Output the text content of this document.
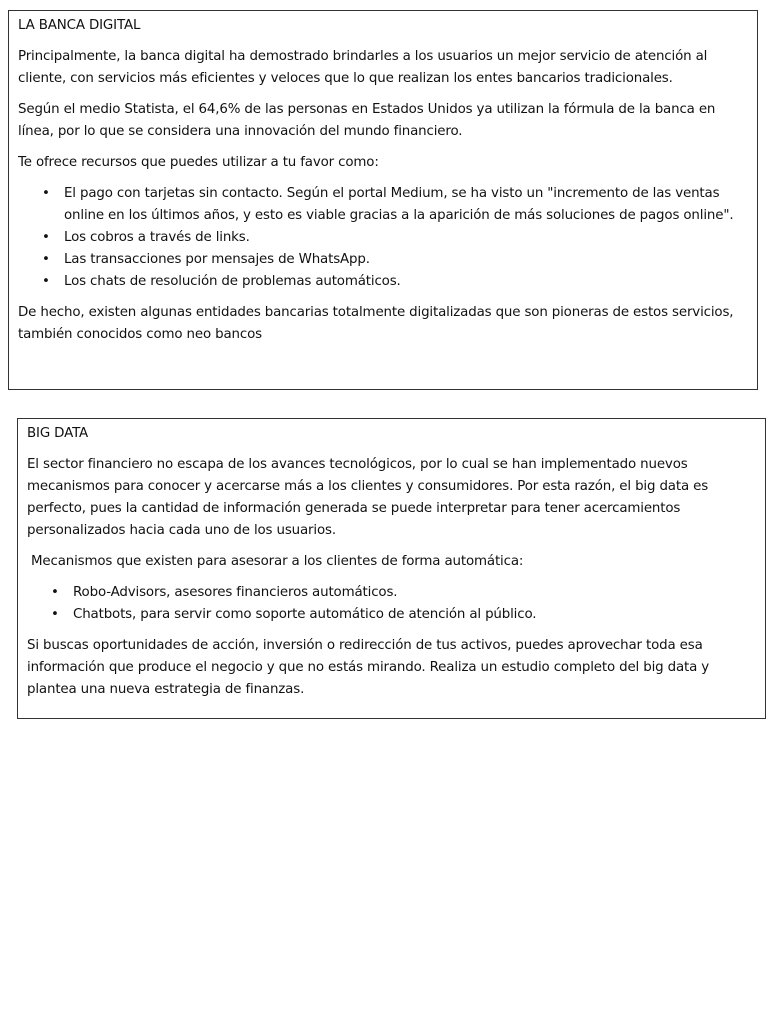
LA BANCA DIGITAL

Principalmente, la banca digital ha demostrado brindarles a los usuarios un mejor servicio de atención al cliente, con servicios más eficientes y veloces que lo que realizan los entes bancarios tradicionales.

Según el medio Statista, el 64,6% de las personas en Estados Unidos ya utilizan la fórmula de la banca en línea, por lo que se considera una innovación del mundo financiero.

Te ofrece recursos que puedes utilizar a tu favor como:

• El pago con tarjetas sin contacto. Según el portal Medium, se ha visto un "incremento de las ventas online en los últimos años, y esto es viable gracias a la aparición de más soluciones de pagos online".
• Los cobros a través de links.
• Las transacciones por mensajes de WhatsApp.
• Los chats de resolución de problemas automáticos.

De hecho, existen algunas entidades bancarias totalmente digitalizadas que son pioneras de estos servicios, también conocidos como neo bancos

BIG DATA

El sector financiero no escapa de los avances tecnológicos, por lo cual se han implementado nuevos mecanismos para conocer y acercarse más a los clientes y consumidores. Por esta razón, el big data es perfecto, pues la cantidad de información generada se puede interpretar para tener acercamientos personalizados hacia cada uno de los usuarios.

Mecanismos que existen para asesorar a los clientes de forma automática:

• Robo-Advisors, asesores financieros automáticos.
• Chatbots, para servir como soporte automático de atención al público.

Si buscas oportunidades de acción, inversión o redirección de tus activos, puedes aprovechar toda esa información que produce el negocio y que no estás mirando. Realiza un estudio completo del big data y plantea una nueva estrategia de finanzas.
